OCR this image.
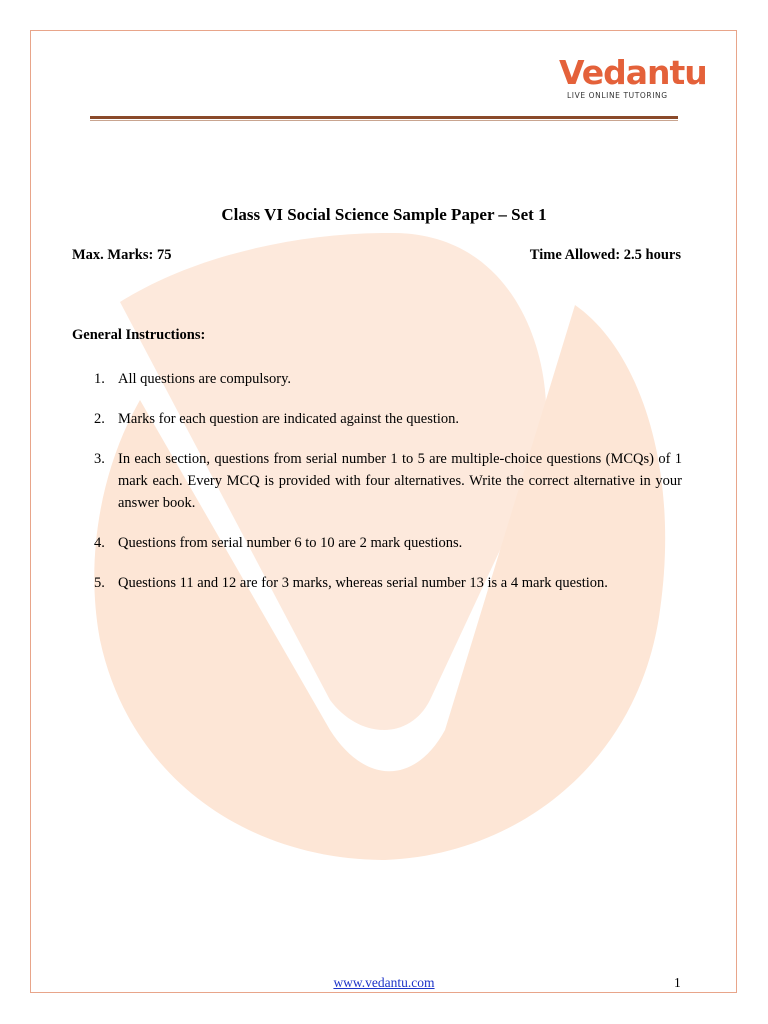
Vedantu
LIVE ONLINE TUTORING
Class VI Social Science Sample Paper – Set 1
Max. Marks: 75	Time Allowed: 2.5 hours
General Instructions:
1. All questions are compulsory.
2. Marks for each question are indicated against the question.
3. In each section, questions from serial number 1 to 5 are multiple-choice questions (MCQs) of 1 mark each. Every MCQ is provided with four alternatives. Write the correct alternative in your answer book.
4. Questions from serial number 6 to 10 are 2 mark questions.
5. Questions 11 and 12 are for 3 marks, whereas serial number 13 is a 4 mark question.
www.vedantu.com	1
